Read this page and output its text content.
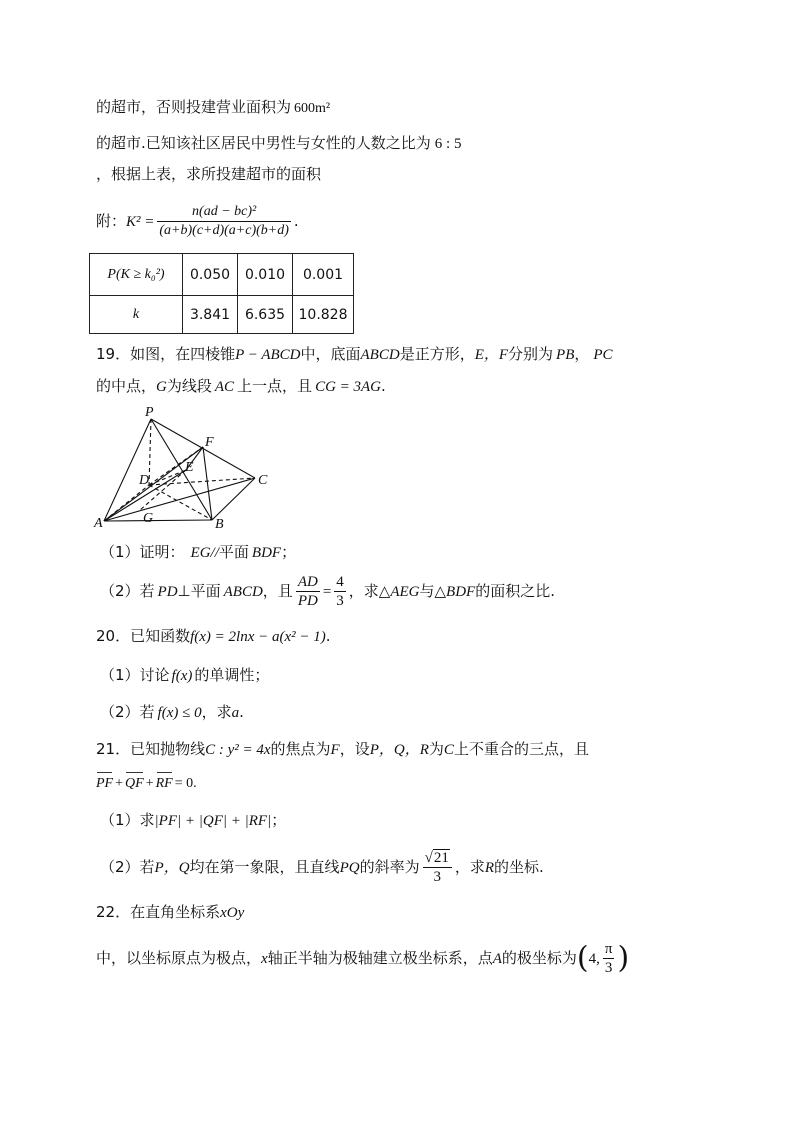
的超市，否则投建营业面积为 600m²
的超市.已知该社区居民中男性与女性的人数之比为 6 : 5
，根据上表，求所投建超市的面积
附：$K^2 = \frac{\text{n(ad − bc)²}}{(a+b)(c+d)(a+c)(b+d)}$ .
P(K ≥ k₀²)	0.050	0.010	0.001
k	3.841	6.635	10.828
19．如图，在四棱锥P − ABCD中，底面ABCD是正方形，E，F分别为 PB， PC
的中点，G为线段 AC 上一点，且 CG = 3AG.
P
F
E
D	C
A	G	B
（1）证明： EG//平面 BDF；
（2）若 PD⊥平面 ABCD，且 $\frac{AD}{PD} = \frac{4}{3}$ ，求△AEG与△BDF的面积之比.
20．已知函数f(x) = 2lnx − a(x² − 1).
（1）讨论 f(x) 的单调性；
（2）若 f(x) ≤ 0，求a.
21．已知抛物线C : y² = 4x的焦点为F，设P，Q，R为C上不重合的三点，且
PF + QF + RF = 0.
（1）求|PF| + |QF| + |RF|；
（2）若P，Q均在第一象限，且直线PQ的斜率为 $\frac{√21}{3}$ ，求R的坐标.
22．在直角坐标系xOy
中，以坐标原点为极点，x轴正半轴为极轴建立极坐标系，点A的极坐标为(4, $\frac{\pi}{3}$ )
